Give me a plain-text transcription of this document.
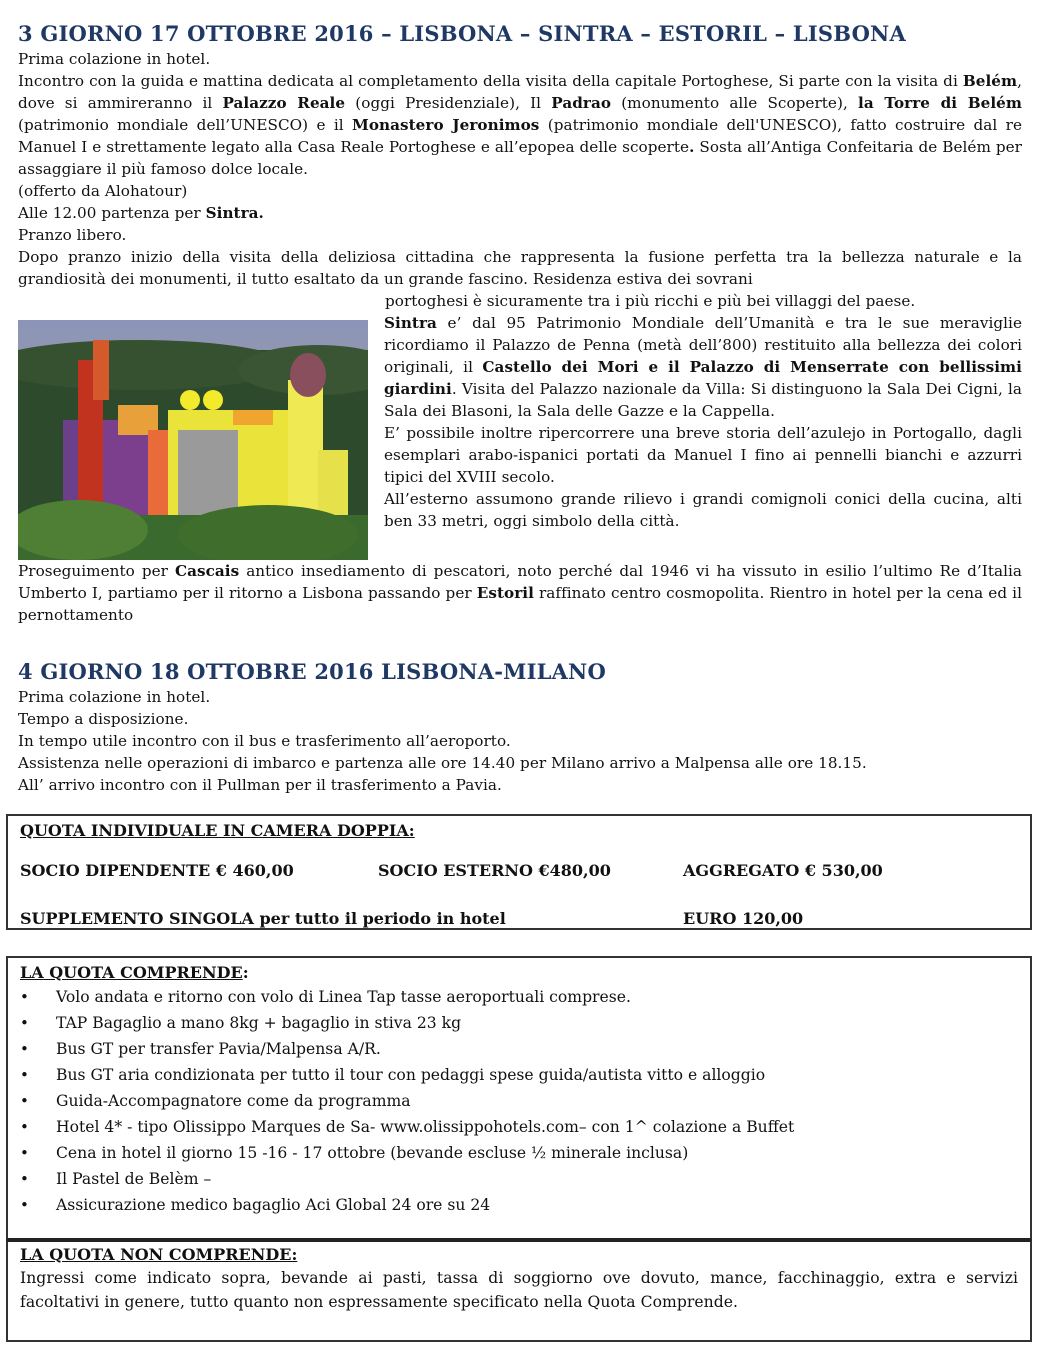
3 GIORNO 17 OTTOBRE 2016 – LISBONA – SINTRA – ESTORIL – LISBONA

Prima colazione in hotel.

Incontro con la guida e mattina dedicata al completamento della visita della capitale Portoghese, Si parte con la visita di Belém, dove si ammireranno il Palazzo Reale (oggi Presidenziale), Il Padrao (monumento alle Scoperte), la Torre di Belém (patrimonio mondiale dell’UNESCO) e il Monastero Jeronimos (patrimonio mondiale dell'UNESCO), fatto costruire dal re Manuel I e strettamente legato alla Casa Reale Portoghese e all’epopea delle scoperte. Sosta all’Antiga Confeitaria de Belém per assaggiare il più famoso dolce locale.

(offerto da Alohatour)

Alle 12.00 partenza per Sintra.

Pranzo libero.

Dopo pranzo inizio della visita della deliziosa cittadina che rappresenta la fusione perfetta tra la bellezza naturale e la grandiosità dei monumenti, il tutto esaltato da un grande fascino. Residenza estiva dei sovrani

portoghesi è sicuramente tra i più ricchi e più bei villaggi del paese.

Sintra e’ dal 95 Patrimonio Mondiale dell’Umanità e tra le sue meraviglie ricordiamo il Palazzo de Penna (metà dell’800) restituito alla bellezza dei colori originali, il Castello dei Mori e il Palazzo di Menserrate con bellissimi giardini. Visita del Palazzo nazionale da Villa: Si distinguono la Sala Dei Cigni, la Sala dei Blasoni, la Sala delle Gazze e la Cappella.

E’ possibile inoltre ripercorrere una breve storia dell’azulejo in Portogallo, dagli esemplari arabo-ispanici portati da Manuel I fino ai pennelli bianchi e azzurri tipici del XVIII secolo.

All’esterno assumono grande rilievo i grandi comignoli conici della cucina, alti ben 33 metri, oggi simbolo della città.

Proseguimento per Cascais antico insediamento di pescatori, noto perché dal 1946 vi ha vissuto in esilio l’ultimo Re d’Italia Umberto I, partiamo per il ritorno a Lisbona passando per Estoril raffinato centro cosmopolita. Rientro in hotel per la cena ed il pernottamento

4 GIORNO 18 OTTOBRE 2016 LISBONA-MILANO

Prima colazione in hotel.

Tempo a disposizione.

In tempo utile incontro con il bus e trasferimento all’aeroporto.

Assistenza nelle operazioni di imbarco e partenza alle ore 14.40 per Milano arrivo a Malpensa alle ore 18.15.

All’ arrivo incontro con il Pullman per il trasferimento a Pavia.

QUOTA INDIVIDUALE IN CAMERA DOPPIA:

SOCIO DIPENDENTE € 460,00	SOCIO ESTERNO €480,00	AGGREGATO € 530,00
SUPPLEMENTO SINGOLA per tutto il periodo in hotel	EURO 120,00

LA QUOTA COMPRENDE:

• Volo andata e ritorno con volo di Linea Tap tasse aeroportuali comprese.
• TAP Bagaglio a mano 8kg + bagaglio in stiva 23 kg
• Bus GT per transfer Pavia/Malpensa A/R.
• Bus GT aria condizionata per tutto il tour con pedaggi spese guida/autista vitto e alloggio
• Guida-Accompagnatore come da programma
• Hotel 4* - tipo Olissippo Marques de Sa- www.olissippohotels.com– con 1^ colazione a Buffet
• Cena in hotel il giorno 15 -16 - 17 ottobre (bevande escluse ½ minerale inclusa)
• Il Pastel de Belèm –
• Assicurazione medico bagaglio Aci Global 24 ore su 24

LA QUOTA NON COMPRENDE:

Ingressi come indicato sopra, bevande ai pasti, tassa di soggiorno ove dovuto, mance, facchinaggio, extra e servizi facoltativi in genere, tutto quanto non espressamente specificato nella Quota Comprende.
